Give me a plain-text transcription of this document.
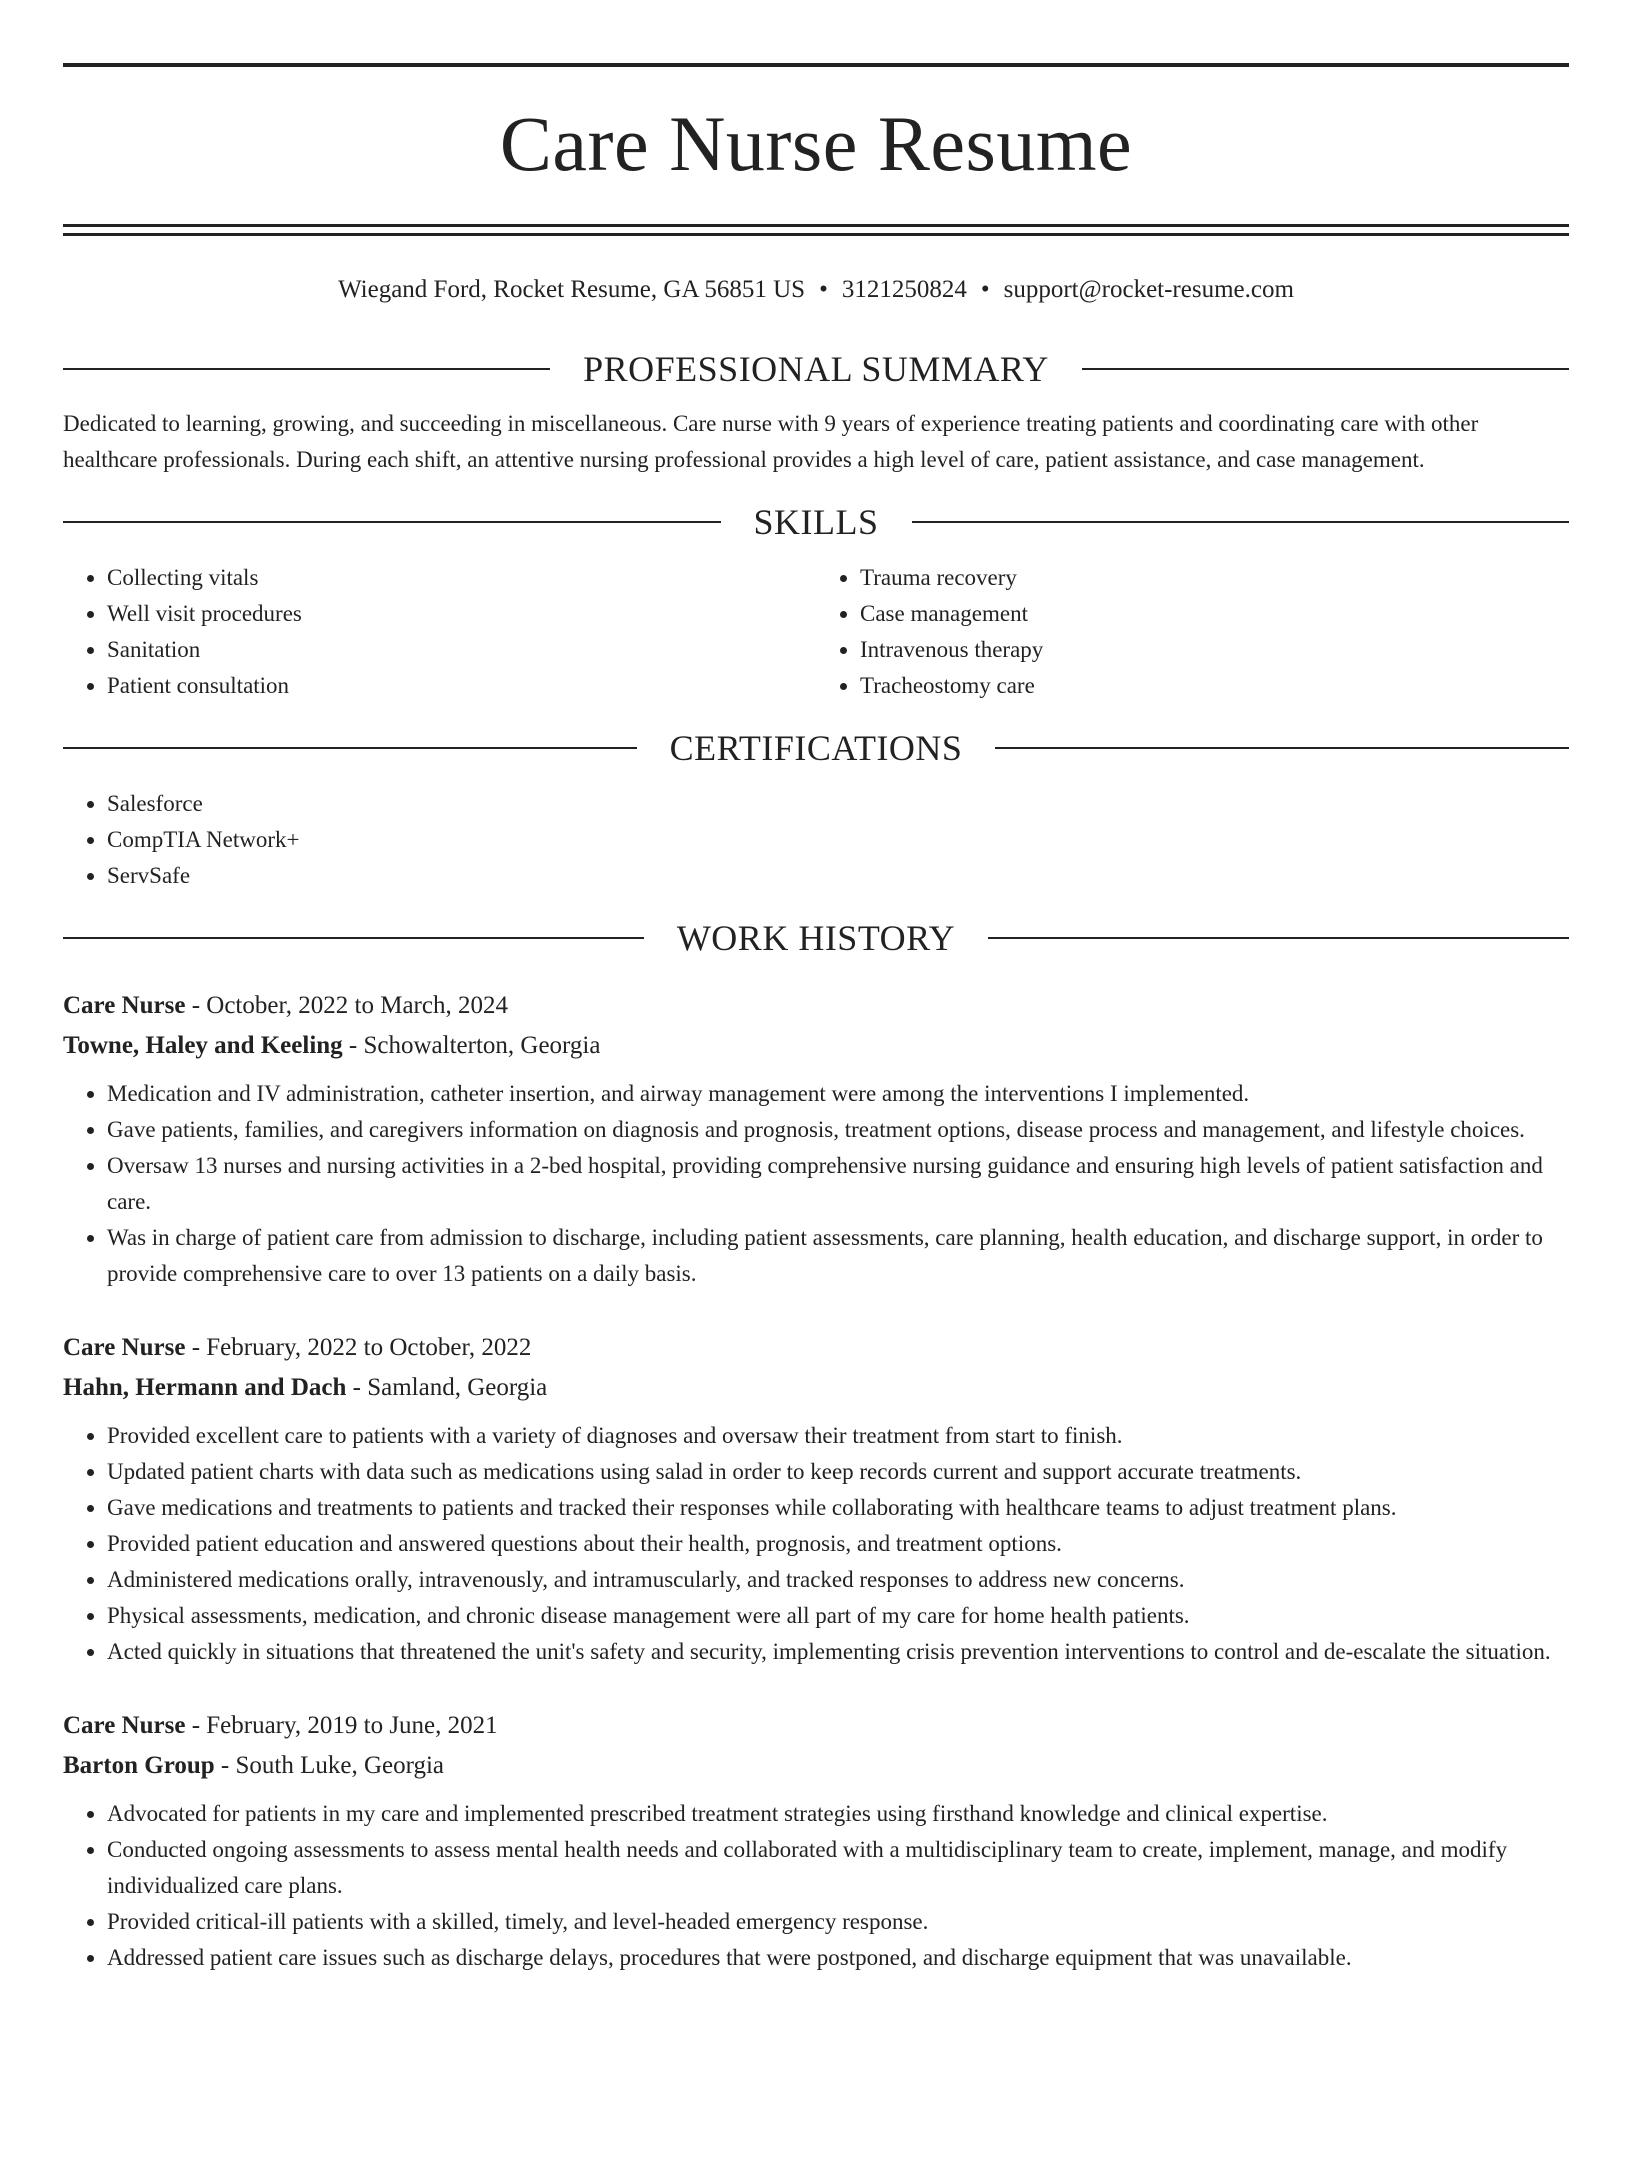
Care Nurse Resume
Wiegand Ford, Rocket Resume, GA 56851 US • 3121250824 • support@rocket-resume.com
PROFESSIONAL SUMMARY

Dedicated to learning, growing, and succeeding in miscellaneous. Care nurse with 9 years of experience treating patients and coordinating care with other healthcare professionals. During each shift, an attentive nursing professional provides a high level of care, patient assistance, and case management.

SKILLS
• Collecting vitals
• Well visit procedures
• Sanitation
• Patient consultation
• Trauma recovery
• Case management
• Intravenous therapy
• Tracheostomy care
CERTIFICATIONS
• Salesforce
• CompTIA Network+
• ServSafe
WORK HISTORY
Care Nurse - October, 2022 to March, 2024
Towne, Haley and Keeling - Schowalterton, Georgia
• Medication and IV administration, catheter insertion, and airway management were among the interventions I implemented.
• Gave patients, families, and caregivers information on diagnosis and prognosis, treatment options, disease process and management, and lifestyle choices.
• Oversaw 13 nurses and nursing activities in a 2-bed hospital, providing comprehensive nursing guidance and ensuring high levels of patient satisfaction and care.
• Was in charge of patient care from admission to discharge, including patient assessments, care planning, health education, and discharge support, in order to provide comprehensive care to over 13 patients on a daily basis.
Care Nurse - February, 2022 to October, 2022
Hahn, Hermann and Dach - Samland, Georgia
• Provided excellent care to patients with a variety of diagnoses and oversaw their treatment from start to finish.
• Updated patient charts with data such as medications using salad in order to keep records current and support accurate treatments.
• Gave medications and treatments to patients and tracked their responses while collaborating with healthcare teams to adjust treatment plans.
• Provided patient education and answered questions about their health, prognosis, and treatment options.
• Administered medications orally, intravenously, and intramuscularly, and tracked responses to address new concerns.
• Physical assessments, medication, and chronic disease management were all part of my care for home health patients.
• Acted quickly in situations that threatened the unit's safety and security, implementing crisis prevention interventions to control and de-escalate the situation.
Care Nurse - February, 2019 to June, 2021
Barton Group - South Luke, Georgia
• Advocated for patients in my care and implemented prescribed treatment strategies using firsthand knowledge and clinical expertise.
• Conducted ongoing assessments to assess mental health needs and collaborated with a multidisciplinary team to create, implement, manage, and modify individualized care plans.
• Provided critical-ill patients with a skilled, timely, and level-headed emergency response.
• Addressed patient care issues such as discharge delays, procedures that were postponed, and discharge equipment that was unavailable.
